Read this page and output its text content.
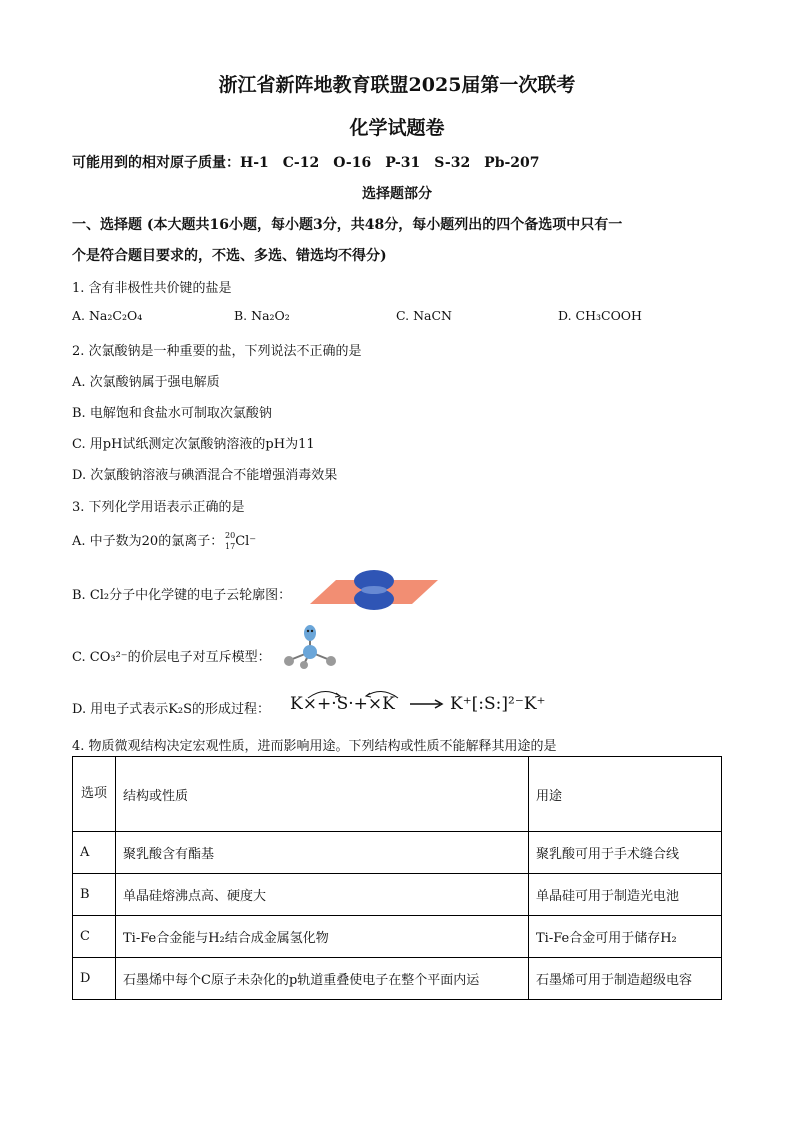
浙江省新阵地教育联盟2025届第一次联考
化学试题卷
可能用到的相对原子质量：H-1　C-12　O-16　P-31　S-32　Pb-207
选择题部分
一、选择题 (本大题共16小题，每小题3分，共48分，每小题列出的四个备选项中只有一
个是符合题目要求的，不选、多选、错选均不得分)
1. 含有非极性共价键的盐是
A. Na₂C₂O₄	B. Na₂O₂	C. NaCN	D. CH₃COOH
2. 次氯酸钠是一种重要的盐，下列说法不正确的是
A. 次氯酸钠属于强电解质
B. 电解饱和食盐水可制取次氯酸钠
C. 用pH试纸测定次氯酸钠溶液的pH为11
D. 次氯酸钠溶液与碘酒混合不能增强消毒效果
3. 下列化学用语表示正确的是
A. 中子数为20的氯离子： 20
17 Cl⁻
B. Cl₂分子中化学键的电子云轮廓图：
C. CO₃²⁻的价层电子对互斥模型：
D. 用电子式表示K₂S的形成过程： K×+·S·+×K → K⁺[:S:]²⁻K⁺
4. 物质微观结构决定宏观性质，进而影响用途。下列结构或性质不能解释其用途的是
选项	结构或性质	用途
A	聚乳酸含有酯基	聚乳酸可用于手术缝合线
B	单晶硅熔沸点高、硬度大	单晶硅可用于制造光电池
C	Ti-Fe合金能与H₂结合成金属氢化物	Ti-Fe合金可用于储存H₂
D	石墨烯中每个C原子未杂化的p轨道重叠使电子在整个平面内运	石墨烯可用于制造超级电容
